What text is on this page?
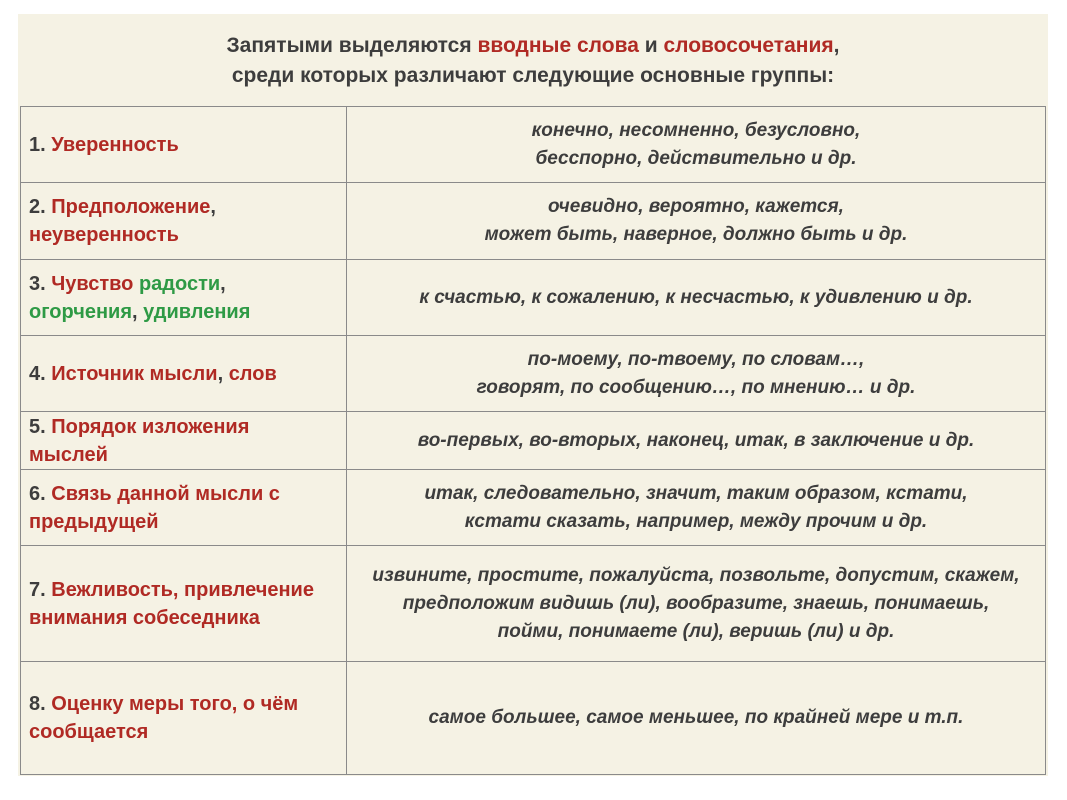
Запятыми выделяются вводные слова и словосочетания,
среди которых различают следующие основные группы:
1. Уверенность	конечно, несомненно, безусловно,
бесспорно, действительно и др.

2. Предположение,
неуверенность	очевидно, вероятно, кажется,
может быть, наверное, должно быть и др.

3. Чувство радости,
огорчения, удивления	к счастью, к сожалению, к несчастью, к удивлению и др.

4. Источник мысли, слов	по-моему, по-твоему, по словам…,
говорят, по сообщению…, по мнению… и др.

5. Порядок изложения
мыслей	во-первых, во-вторых, наконец, итак, в заключение и др.

6. Связь данной мысли с
предыдущей	итак, следовательно, значит, таким образом, кстати,
кстати сказать, например, между прочим и др.

7. Вежливость, привлечение
внимания собеседника	извините, простите, пожалуйста, позвольте, допустим, скажем,
предположим видишь (ли), вообразите, знаешь, понимаешь,
пойми, понимаете (ли), веришь (ли) и др.

8. Оценку меры того, о чём
сообщается	самое большее, самое меньшее, по крайней мере и т.п.
